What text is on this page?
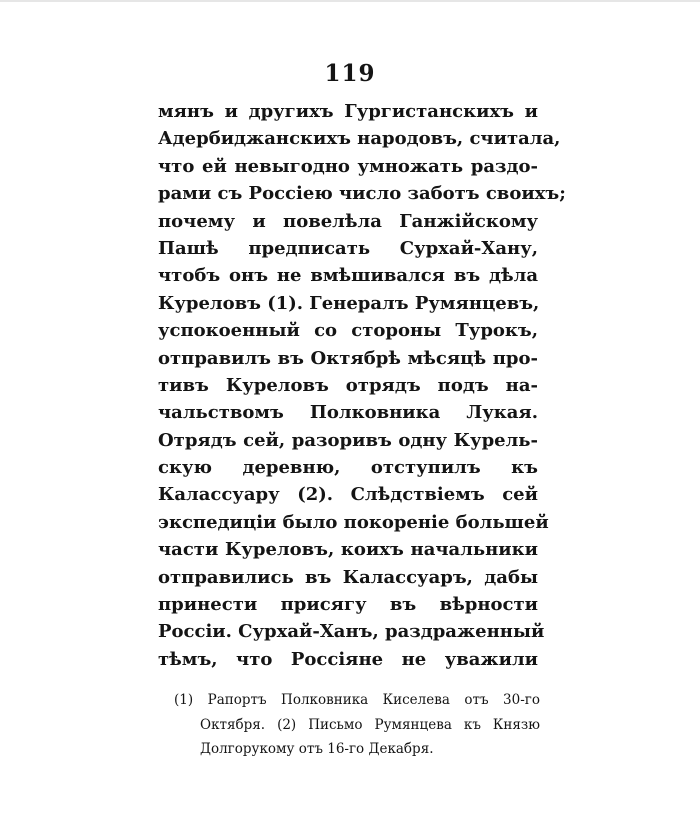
119
мянъ и другихъ Гургистанскихъ и
Адербиджанскихъ народовъ, считала,
что ей невыгодно умножать раздо-
рами съ Россiею число заботъ своихъ;
почему и повелѣла Ганжiйскому
Пашѣ предписать Сурхай-Хану,
чтобъ онъ не вмѣшивался въ дѣла
Куреловъ (1). Генералъ Румянцевъ,
успокоенный со стороны Турокъ,
отправилъ въ Октябрѣ мѣсяцѣ про-
тивъ Куреловъ отрядъ подъ на-
чальствомъ Полковника Лукая.
Отрядъ сей, разоривъ одну Курель-
скую деревню, отступилъ къ
Калассуару (2). Слѣдствiемъ сей
экспедицiи было покоренiе большей
части Куреловъ, коихъ начальники
отправились въ Калассуаръ, дабы
принести присягу въ вѣрности
Россiи. Сурхай-Ханъ, раздраженный
тѣмъ, что Россiяне не уважили
(1) Рапортъ Полковника Киселева отъ 30-го
Октября. (2) Письмо Румянцева къ Князю
Долгорукому отъ 16-го Декабря.
